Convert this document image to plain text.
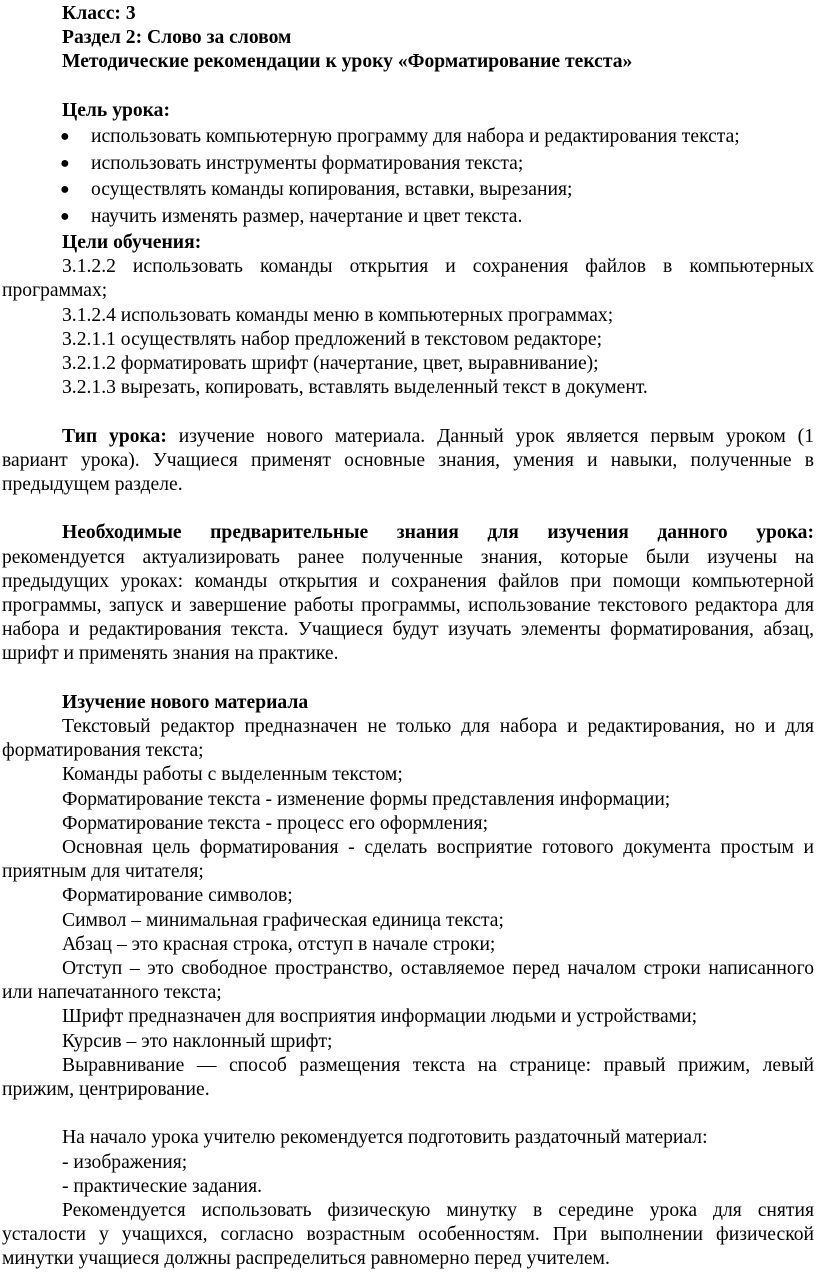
Класс: 3

Раздел 2: Слово за словом

Методические рекомендации к уроку «Форматирование текста»

Цель урока:

● использовать компьютерную программу для набора и редактирования текста;
● использовать инструменты форматирования текста;
● осуществлять команды копирования, вставки, вырезания;
● научить изменять размер, начертание и цвет текста.

Цели обучения:

3.1.2.2 использовать команды открытия и сохранения файлов в компьютерных программах;

3.1.2.4 использовать команды меню в компьютерных программах;

3.2.1.1 осуществлять набор предложений в текстовом редакторе;

3.2.1.2 форматировать шрифт (начертание, цвет, выравнивание);

3.2.1.3 вырезать, копировать, вставлять выделенный текст в документ.

Тип урока: изучение нового материала. Данный урок является первым уроком (1 вариант урока). Учащиеся применят основные знания, умения и навыки, полученные в предыдущем разделе.

Необходимые предварительные знания для изучения данного урока:

рекомендуется актуализировать ранее полученные знания, которые были изучены на предыдущих уроках: команды открытия и сохранения файлов при помощи компьютерной программы, запуск и завершение работы программы, использование текстового редактора для набора и редактирования текста. Учащиеся будут изучать элементы форматирования, абзац, шрифт и применять знания на практике.

Изучение нового материала

Текстовый редактор предназначен не только для набора и редактирования, но и для форматирования текста;

Команды работы с выделенным текстом;

Форматирование текста - изменение формы представления информации;

Форматирование текста - процесс его оформления;

Основная цель форматирования - сделать восприятие готового документа простым и приятным для читателя;

Форматирование символов;

Символ – минимальная графическая единица текста;

Абзац – это красная строка, отступ в начале строки;

Отступ – это свободное пространство, оставляемое перед началом строки написанного или напечатанного текста;

Шрифт предназначен для восприятия информации людьми и устройствами;

Курсив – это наклонный шрифт;

Выравнивание — способ размещения текста на странице: правый прижим, левый прижим, центрирование.

На начало урока учителю рекомендуется подготовить раздаточный материал:

- изображения;

- практические задания.

Рекомендуется использовать физическую минутку в середине урока для снятия усталости у учащихся, согласно возрастным особенностям. При выполнении физической минутки учащиеся должны распределиться равномерно перед учителем.
